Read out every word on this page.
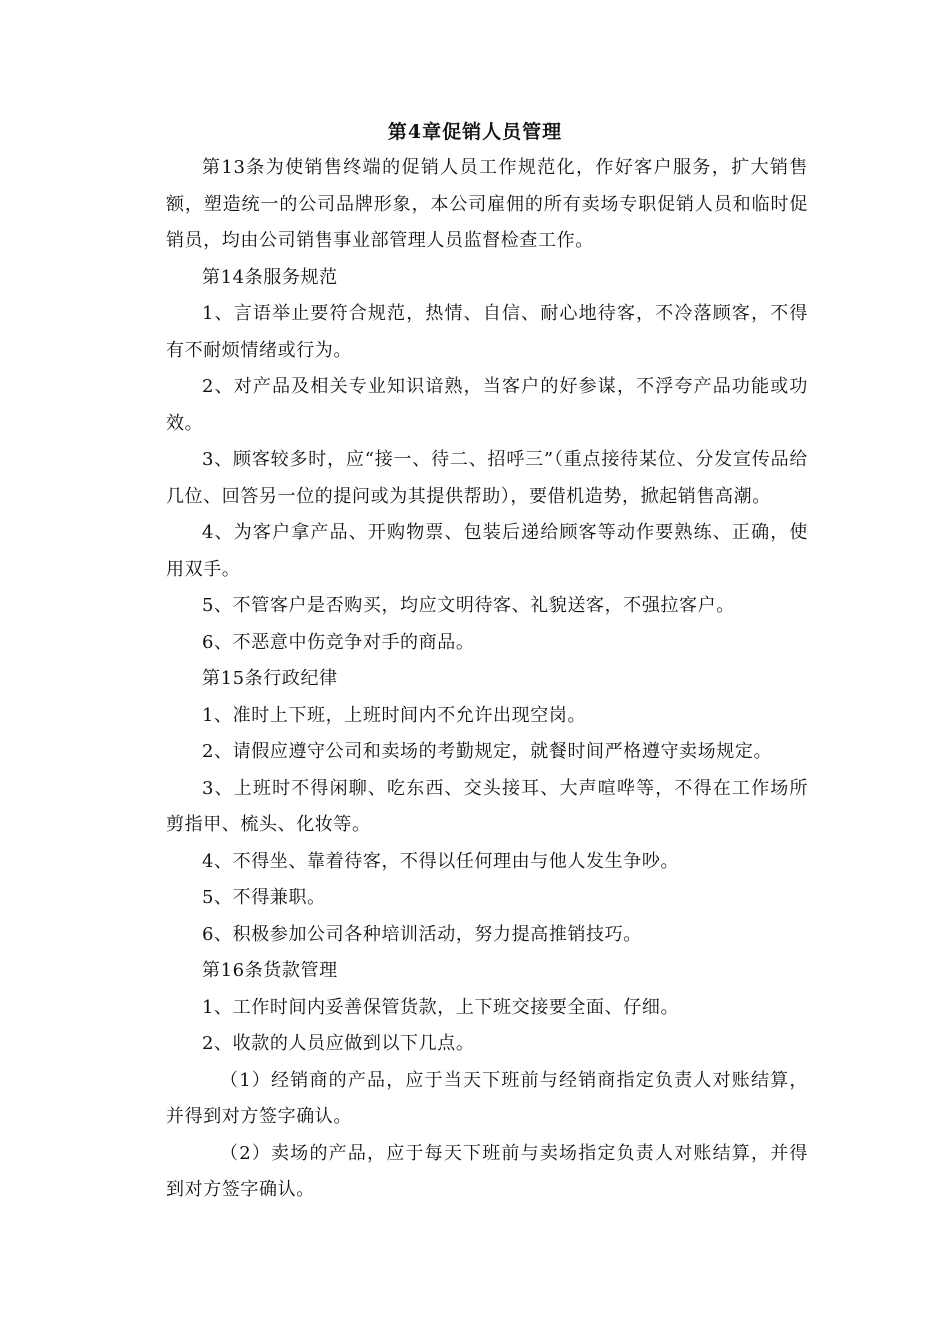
第4章促销人员管理

第13条为使销售终端的促销人员工作规范化，作好客户服务，扩大销售额，塑造统一的公司品牌形象，本公司雇佣的所有卖场专职促销人员和临时促销员，均由公司销售事业部管理人员监督检查工作。

第14条服务规范

1、言语举止要符合规范，热情、自信、耐心地待客，不冷落顾客，不得有不耐烦情绪或行为。

2、对产品及相关专业知识谙熟，当客户的好参谋，不浮夸产品功能或功效。

3、顾客较多时，应“接一、待二、招呼三”（重点接待某位、分发宣传品给几位、回答另一位的提问或为其提供帮助），要借机造势，掀起销售高潮。

4、为客户拿产品、开购物票、包装后递给顾客等动作要熟练、正确，使用双手。

5、不管客户是否购买，均应文明待客、礼貌送客，不强拉客户。

6、不恶意中伤竞争对手的商品。

第15条行政纪律

1、准时上下班，上班时间内不允许出现空岗。

2、请假应遵守公司和卖场的考勤规定，就餐时间严格遵守卖场规定。

3、上班时不得闲聊、吃东西、交头接耳、大声喧哗等，不得在工作场所剪指甲、梳头、化妆等。

4、不得坐、靠着待客，不得以任何理由与他人发生争吵。

5、不得兼职。

6、积极参加公司各种培训活动，努力提高推销技巧。

第16条货款管理

1、工作时间内妥善保管货款，上下班交接要全面、仔细。

2、收款的人员应做到以下几点。

（1）经销商的产品，应于当天下班前与经销商指定负责人对账结算，并得到对方签字确认。

（2）卖场的产品，应于每天下班前与卖场指定负责人对账结算，并得到对方签字确认。
